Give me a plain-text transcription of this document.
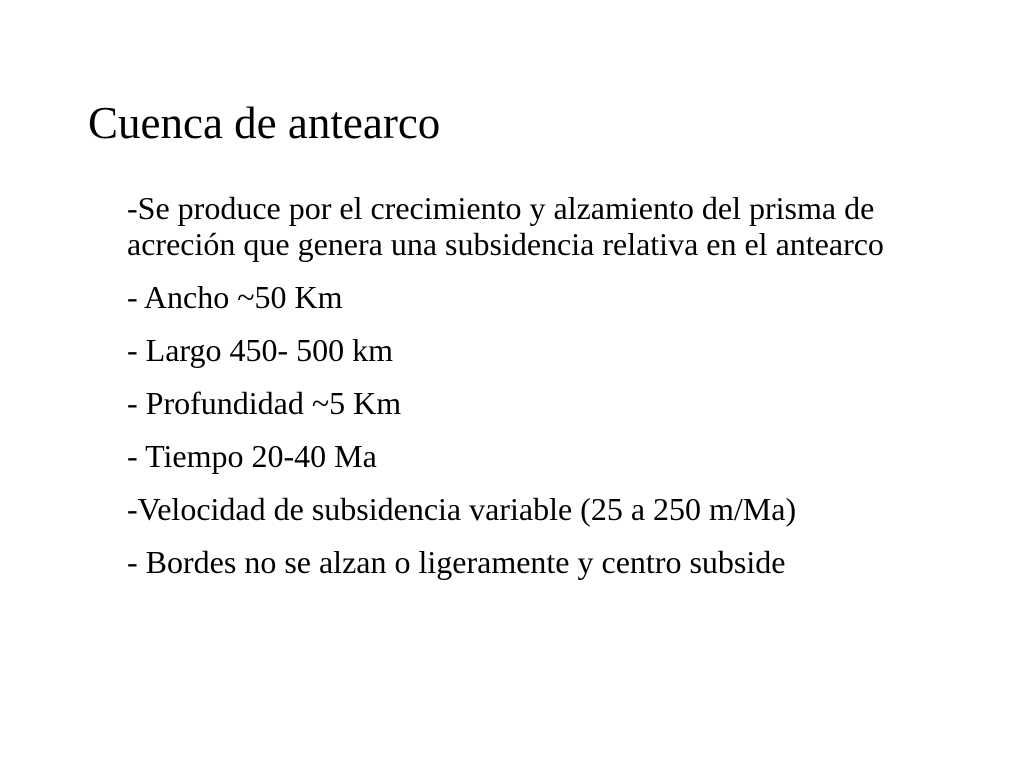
Cuenca de antearco
-Se produce por el crecimiento y alzamiento del prisma de acreción que genera una subsidencia relativa en el antearco
- Ancho ~50 Km
- Largo 450- 500 km
- Profundidad ~5 Km
- Tiempo 20-40 Ma
-Velocidad de subsidencia variable (25 a 250 m/Ma)
- Bordes no se alzan o ligeramente y centro subside
